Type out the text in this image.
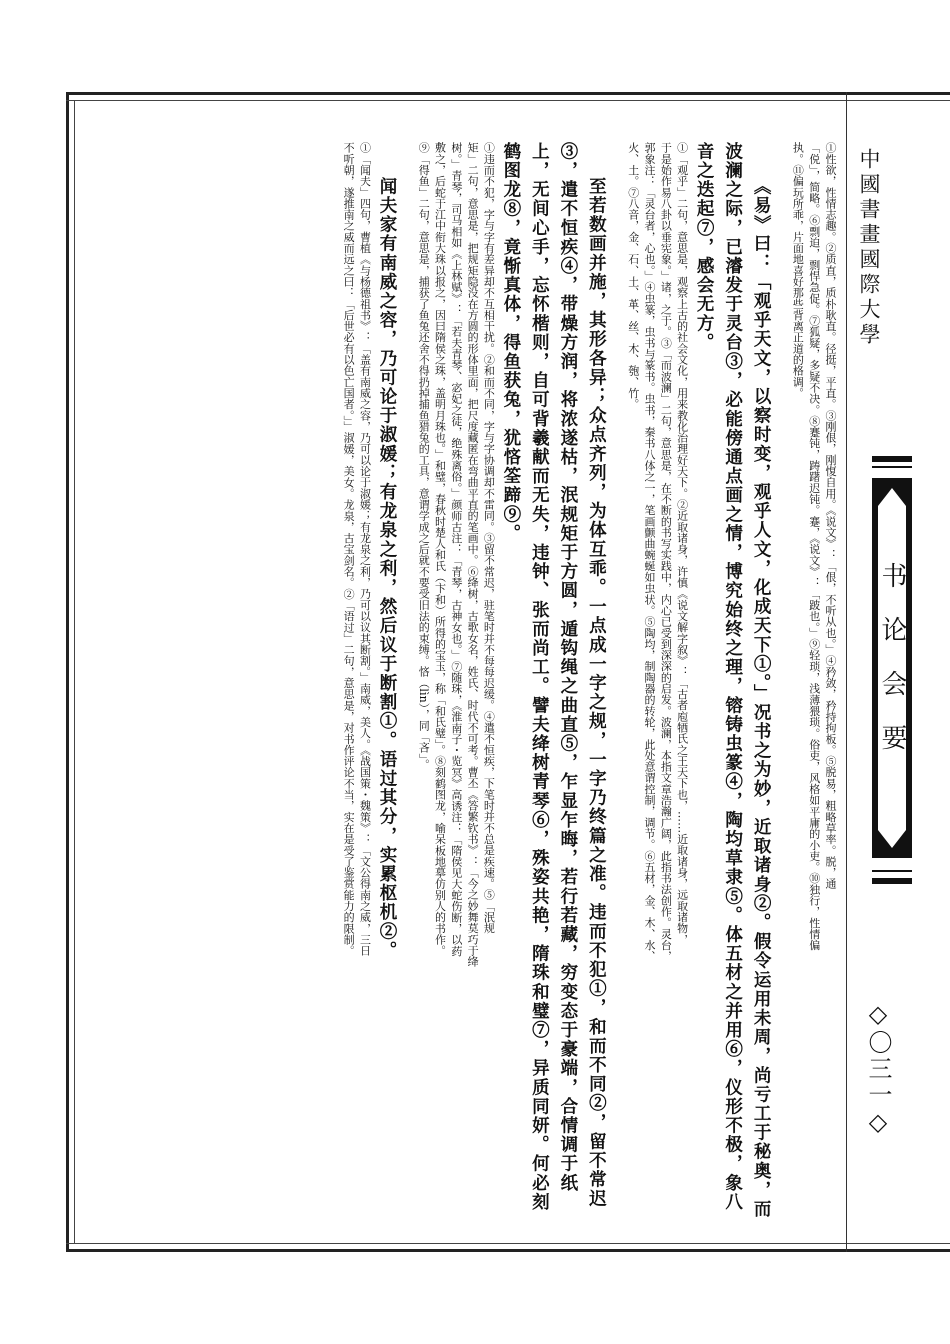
中國書畫國際大學
书论会要
◇〇三一◇

①性欲，性情志趣。②质直，质朴耿直。径挺，平直。③刚佷，刚愎自用。《说文》：「佷，不听从也。」④矜敛，矜持拘板。⑤脱易，粗略草率。脱，通

「侻」，简略。⑥剽迫，剽悍急促。⑦狐疑，多疑不决。⑧蹇钝，踌躇迟钝。蹇，《说文》：「跛也。」⑨轻琐，浅薄猥琐。俗吏，风格如平庸的小吏。⑩独行，性情偏

执。⑪偏玩所乖，片面地喜好那些背离正道的格调。

《易》曰：「观乎天文，以察时变，观乎人文，化成天下①。」况书之为妙，近取诸身②。假令运用未周，尚亏工于秘奥，而波澜之际，已濬发于灵台③，必能傍通点画之情，博究始终之理，镕铸虫篆④，陶均草隶⑤。体五材之并用⑥，仪形不极，象八音之迭起⑦，感会无方。

①「观乎」二句，意思是，观察上古的社会文化，用来教化治理好天下。②近取诸身，许慎《说文解字叙》：「古者庖牺氏之王天下也，……近取诸身，远取诸物，

于是始作易八卦以垂宪象。」诸，之于。③「而波澜」二句，意思是，在不断的书写实践中，内心已受到深深的启发。波澜，本指文章浩瀚广阔，此指书法创作。灵台，

郭象注：「灵台者，心也。」④虫篆，虫书与篆书。虫书，秦书八体之一，笔画颤曲蜿蜒如虫状。⑤陶均，制陶器的转轮，此处意谓控制，调节。⑥五材，金、木、水、

火、土。⑦八音，金、石、土、革、丝、木、匏、竹。

至若数画并施，其形各异；众点齐列，为体互乖。一点成一字之规，一字乃终篇之准。违而不犯①，和而不同②，留不常迟③，遣不恒疾④，带燥方润，将浓遂枯，泯规矩于方圆，遁钩绳之曲直⑤，乍显乍晦，若行若藏，穷变态于豪端，合情调于纸上，无间心手，忘怀楷则，自可背羲献而无失，违钟、张而尚工。譬夫绛树青琴⑥，殊姿共艳，隋珠和璧⑦，异质同妍。何必刻鹤图龙⑧，竟惭真体，得鱼获兔，犹悋筌蹄⑨。

①违而不犯，字与字有差异却不互相干扰。②和而不同，字与字协调却不雷同。③留不常迟，驻笔时并不每每迟缓。④遣不恒疾，下笔时并不总是疾速。⑤「泯规

矩」二句，意思是，把规矩隐没在方圆的形体里面，把尺度藏匿在弯曲平直的笔画中。⑥绛树，古歌女名，姓氏、时代不可考。曹丕《答繁钦书》：「今之妙舞莫巧于绛

树。」青琴，司马相如《上林赋》：「若夫青琴、宓妃之徒，绝殊离俗。」颜师古注：「青琴，古神女也。」⑦随珠，《淮南子・览冥》高诱注：「隋侯见大蛇伤断，以药

敷之，后蛇于江中衔大珠以报之，因曰隋侯之珠，盖明月珠也。」和璧，春秋时楚人和氏（卞和）所得的宝玉，称「和氏璧」。⑧刻鹤图龙，喻呆板地摹仿别人的书作。

⑨「得鱼」二句，意思是，捕获了鱼兔还舍不得扔掉捕鱼猎兔的工具，意谓学成之后就不要受旧法的束缚。悋（lìn），同「吝」。

闻夫家有南威之容，乃可论于淑媛；有龙泉之利，然后议于断割①。语过其分，实累枢机②。

①「闻夫」四句，曹植《与杨德祖书》：「盖有南威之容，乃可以论于淑媛；有龙泉之利，乃可以议其断割。」南威，美人。《战国策・魏策》：「文公得南之威，三日

不听朝，遂推南之威而远之曰：「后世必有以色亡国者。」」淑媛，美女。龙泉，古宝剑名。②「语过」二句，意思是，对书作评论不当，实在是受了鉴赏能力的限制。
